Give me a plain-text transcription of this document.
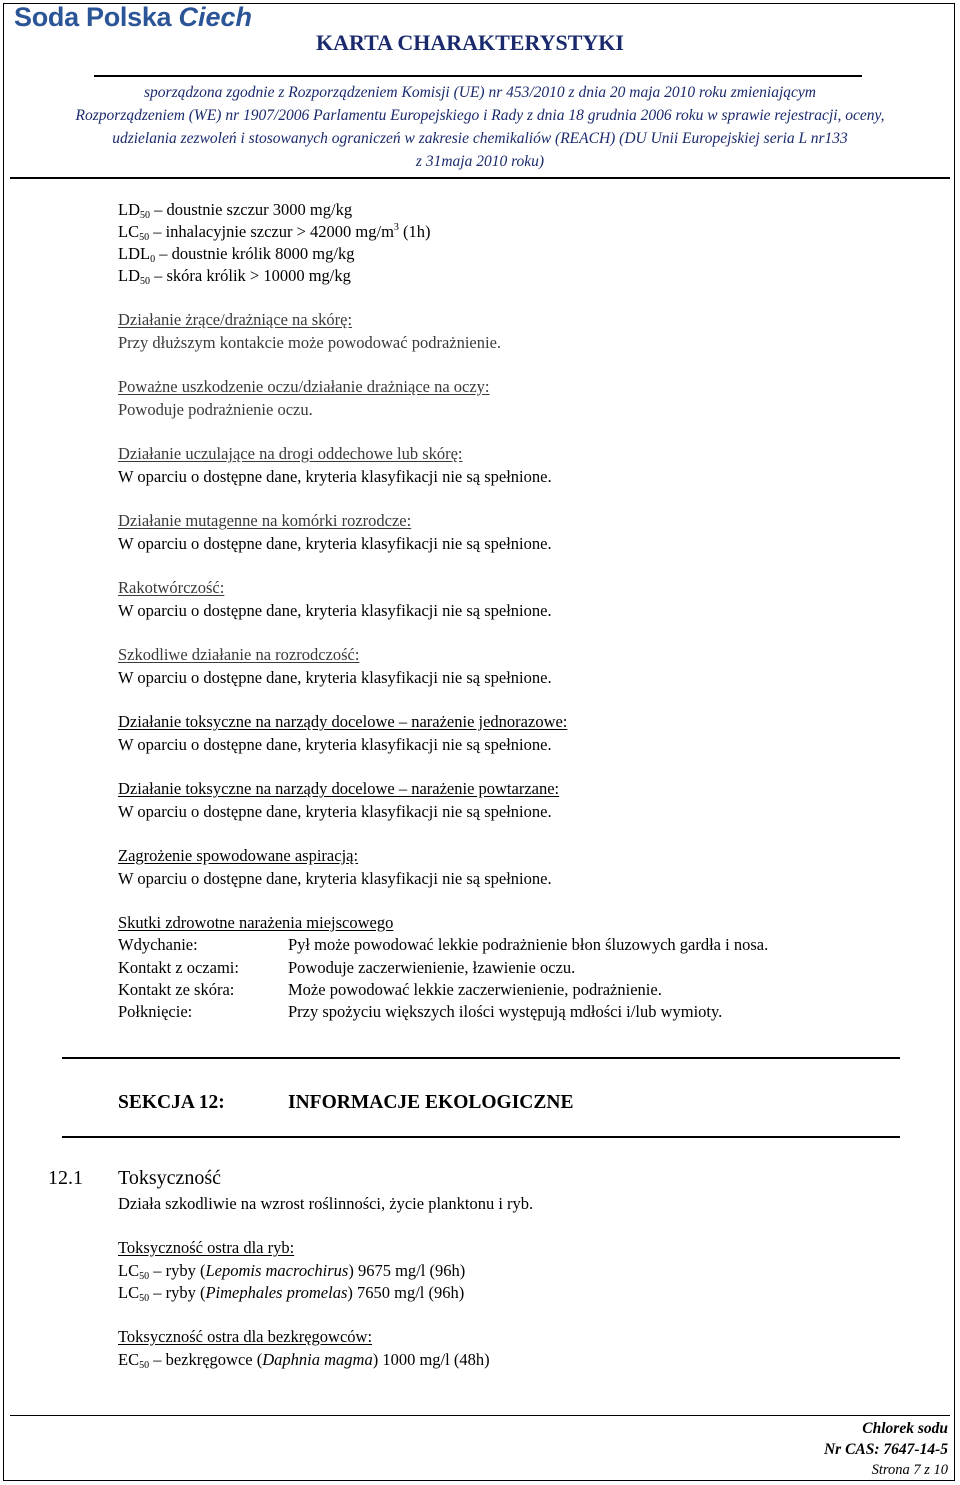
Soda Polska Ciech
KARTA CHARAKTERYSTYKI
sporządzona zgodnie z Rozporządzeniem Komisji (UE) nr 453/2010 z dnia 20 maja 2010 roku zmieniającym
Rozporządzeniem (WE) nr 1907/2006 Parlamentu Europejskiego i Rady z dnia 18 grudnia 2006 roku w sprawie rejestracji, oceny,
udzielania zezwoleń i stosowanych ograniczeń w zakresie chemikaliów (REACH) (DU Unii Europejskiej seria L nr133
z 31maja 2010 roku)
$LD_{50}$ – doustnie szczur 3000 mg/kg
$LC_{50}$ – inhalacyjnie szczur > 42000 $mg/m^3$ (1h)
$LDL_0$ – doustnie królik 8000 mg/kg
$LD_{50}$ – skóra królik > 10000 mg/kg
Działanie żrące/drażniące na skórę:
Przy dłuższym kontakcie może powodować podrażnienie.
Poważne uszkodzenie oczu/działanie drażniące na oczy:
Powoduje podrażnienie oczu.
Działanie uczulające na drogi oddechowe lub skórę:
W oparciu o dostępne dane, kryteria klasyfikacji nie są spełnione.
Działanie mutagenne na komórki rozrodcze:
W oparciu o dostępne dane, kryteria klasyfikacji nie są spełnione.
Rakotwórczość:
W oparciu o dostępne dane, kryteria klasyfikacji nie są spełnione.
Szkodliwe działanie na rozrodczość:
W oparciu o dostępne dane, kryteria klasyfikacji nie są spełnione.
Działanie toksyczne na narządy docelowe – narażenie jednorazowe:
W oparciu o dostępne dane, kryteria klasyfikacji nie są spełnione.
Działanie toksyczne na narządy docelowe – narażenie powtarzane:
W oparciu o dostępne dane, kryteria klasyfikacji nie są spełnione.
Zagrożenie spowodowane aspiracją:
W oparciu o dostępne dane, kryteria klasyfikacji nie są spełnione.
Skutki zdrowotne narażenia miejscowego
Wdychanie:	Pył może powodować lekkie podrażnienie błon śluzowych gardła i nosa.
Kontakt z oczami:	Powoduje zaczerwienienie, łzawienie oczu.
Kontakt ze skóra:	Może powodować lekkie zaczerwienienie, podrażnienie.
Połknięcie:	Przy spożyciu większych ilości występują mdłości i/lub wymioty.
SEKCJA 12:	INFORMACJE EKOLOGICZNE
12.1 Toksyczność
Działa szkodliwie na wzrost roślinności, życie planktonu i ryb.
Toksyczność ostra dla ryb:
$LC_{50}$ – ryby (Lepomis macrochirus) 9675 mg/l (96h)
$LC_{50}$ – ryby (Pimephales promelas) 7650 mg/l (96h)
Toksyczność ostra dla bezkręgowców:
$EC_{50}$ – bezkręgowce (Daphnia magma) 1000 mg/l (48h)
Chlorek sodu
Nr CAS: 7647-14-5
Strona 7 z 10
